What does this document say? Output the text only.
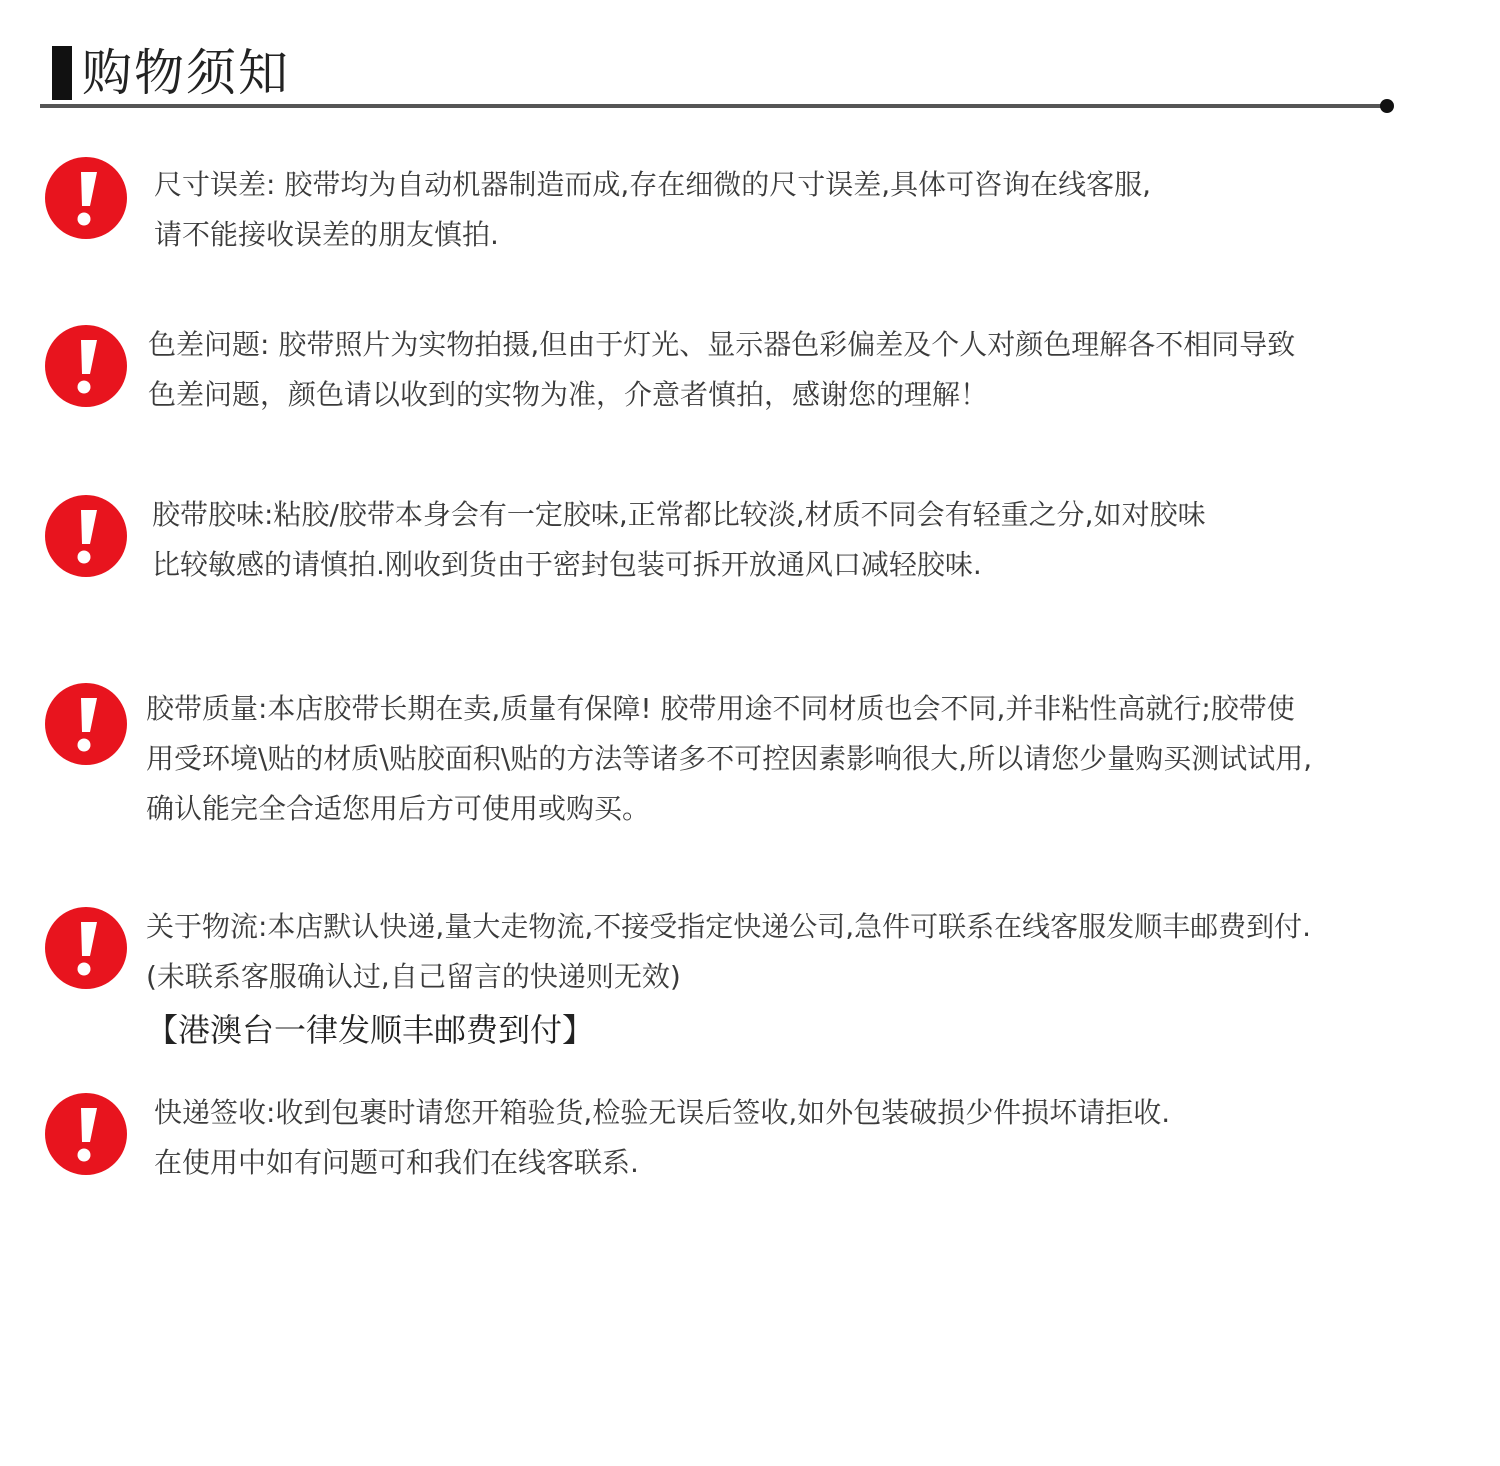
购物须知
尺寸误差: 胶带均为自动机器制造而成,存在细微的尺寸误差,具体可咨询在线客服,
请不能接收误差的朋友慎拍.
色差问题: 胶带照片为实物拍摄,但由于灯光、显示器色彩偏差及个人对颜色理解各不相同导致
色差问题，颜色请以收到的实物为准，介意者慎拍，感谢您的理解！
胶带胶味:粘胶/胶带本身会有一定胶味,正常都比较淡,材质不同会有轻重之分,如对胶味
比较敏感的请慎拍.刚收到货由于密封包装可拆开放通风口减轻胶味.
胶带质量:本店胶带长期在卖,质量有保障! 胶带用途不同材质也会不同,并非粘性高就行;胶带使
用受环境\贴的材质\贴胶面积\贴的方法等诸多不可控因素影响很大,所以请您少量购买测试试用,
确认能完全合适您用后方可使用或购买。
关于物流:本店默认快递,量大走物流,不接受指定快递公司,急件可联系在线客服发顺丰邮费到付.
(未联系客服确认过,自己留言的快递则无效)
【港澳台一律发顺丰邮费到付】
快递签收:收到包裹时请您开箱验货,检验无误后签收,如外包装破损少件损坏请拒收.
在使用中如有问题可和我们在线客联系.
